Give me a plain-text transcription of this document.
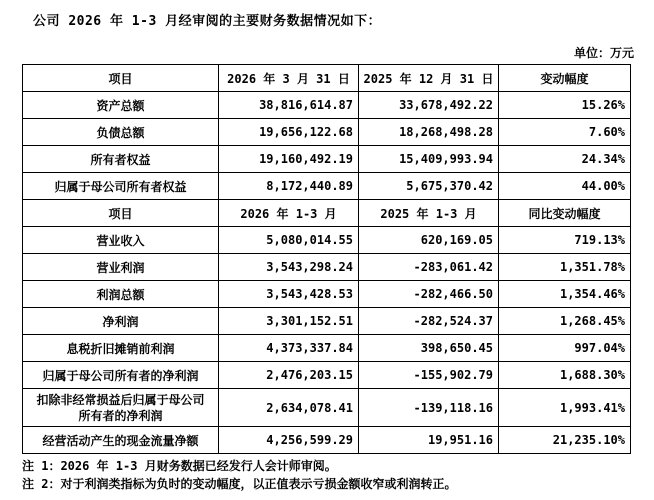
公司 2026 年 1-3 月经审阅的主要财务数据情况如下：
单位：万元
项目	2026 年 3 月 31 日	2025 年 12 月 31 日	变动幅度
资产总额	38,816,614.87	33,678,492.22	15.26%
负债总额	19,656,122.68	18,268,498.28	7.60%
所有者权益	19,160,492.19	15,409,993.94	24.34%
归属于母公司所有者权益	8,172,440.89	5,675,370.42	44.00%
项目	2026 年 1-3 月	2025 年 1-3 月	同比变动幅度
营业收入	5,080,014.55	620,169.05	719.13%
营业利润	3,543,298.24	-283,061.42	1,351.78%
利润总额	3,543,428.53	-282,466.50	1,354.46%
净利润	3,301,152.51	-282,524.37	1,268.45%
息税折旧摊销前利润	4,373,337.84	398,650.45	997.04%
归属于母公司所有者的净利润	2,476,203.15	-155,902.79	1,688.30%

扣除非经常损益后归属于母公司
所有者的净利润	2,634,078.41	-139,118.16	1,993.41%
经营活动产生的现金流量净额	4,256,599.29	19,951.16	21,235.10%
注 1：2026 年 1-3 月财务数据已经发行人会计师审阅。
注 2：对于利润类指标为负时的变动幅度，以正值表示亏损金额收窄或利润转正。
